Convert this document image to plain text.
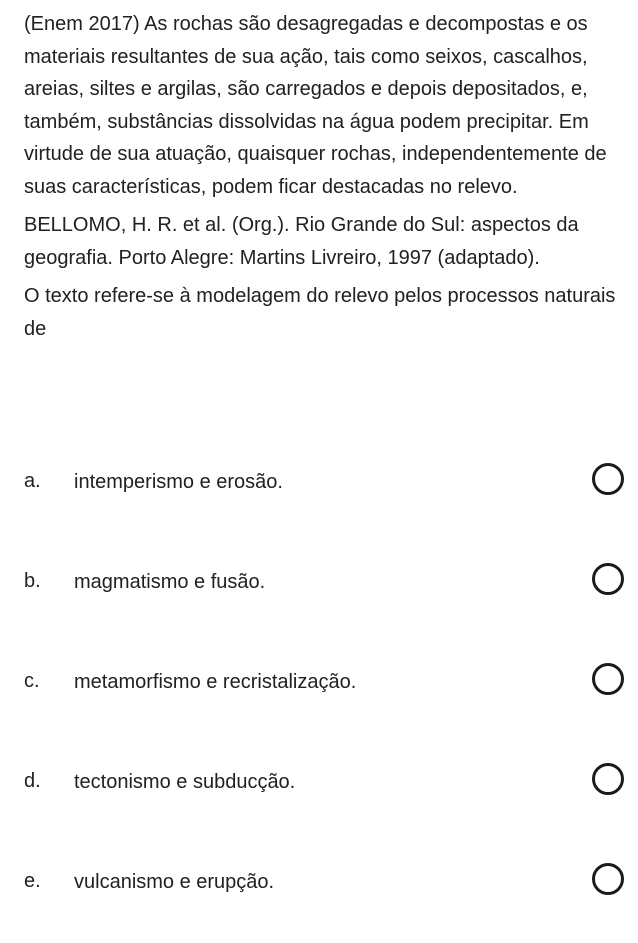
(Enem 2017) As rochas são desagregadas e decompostas e os materiais resultantes de sua ação, tais como seixos, cascalhos, areias, siltes e argilas, são carregados e depois depositados, e, também, substâncias dissolvidas na água podem precipitar. Em virtude de sua atuação, quaisquer rochas, independentemente de suas características, podem ficar destacadas no relevo.

BELLOMO, H. R. et al. (Org.). Rio Grande do Sul: aspectos da geografia. Porto Alegre: Martins Livreiro, 1997 (adaptado).

O texto refere-se à modelagem do relevo pelos processos naturais de

a. intemperismo e erosão.
b. magmatismo e fusão.
c. metamorfismo e recristalização.
d. tectonismo e subducção.
e. vulcanismo e erupção.
